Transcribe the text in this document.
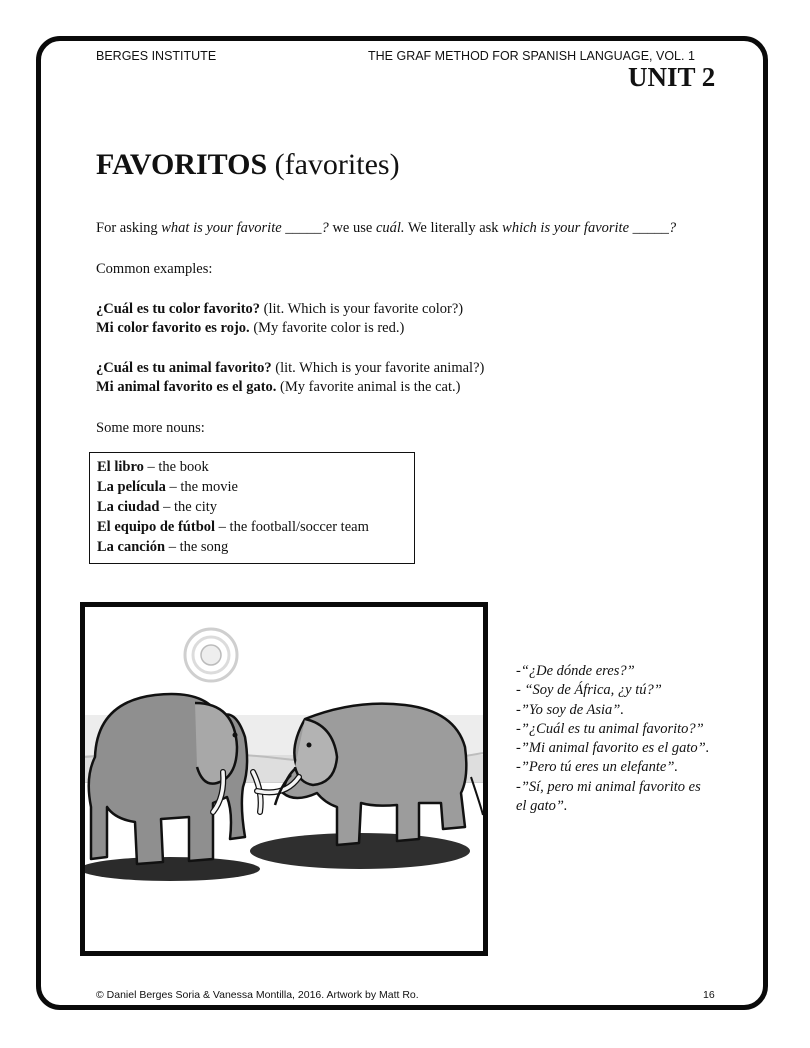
BERGES INSTITUTE	THE GRAF METHOD FOR SPANISH LANGUAGE, VOL. 1
UNIT 2
FAVORITOS (favorites)
For asking what is your favorite _____? we use cuál. We literally ask which is your favorite _____?
Common examples:
¿Cuál es tu color favorito? (lit. Which is your favorite color?)
Mi color favorito es rojo. (My favorite color is red.)
¿Cuál es tu animal favorito? (lit. Which is your favorite animal?)
Mi animal favorito es el gato. (My favorite animal is the cat.)
Some more nouns:
El libro – the book
La película – the movie
La ciudad – the city
El equipo de fútbol – the football/soccer team
La canción – the song
-“¿De dónde eres?”
- “Soy de África, ¿y tú?”
-”Yo soy de Asia”.
-”¿Cuál es tu animal favorito?”
-”Mi animal favorito es el gato”.
-”Pero tú eres un elefante”.
-”Sí, pero mi animal favorito es
el gato”.
© Daniel Berges Soria & Vanessa Montilla, 2016. Artwork by Matt Ro.	16
